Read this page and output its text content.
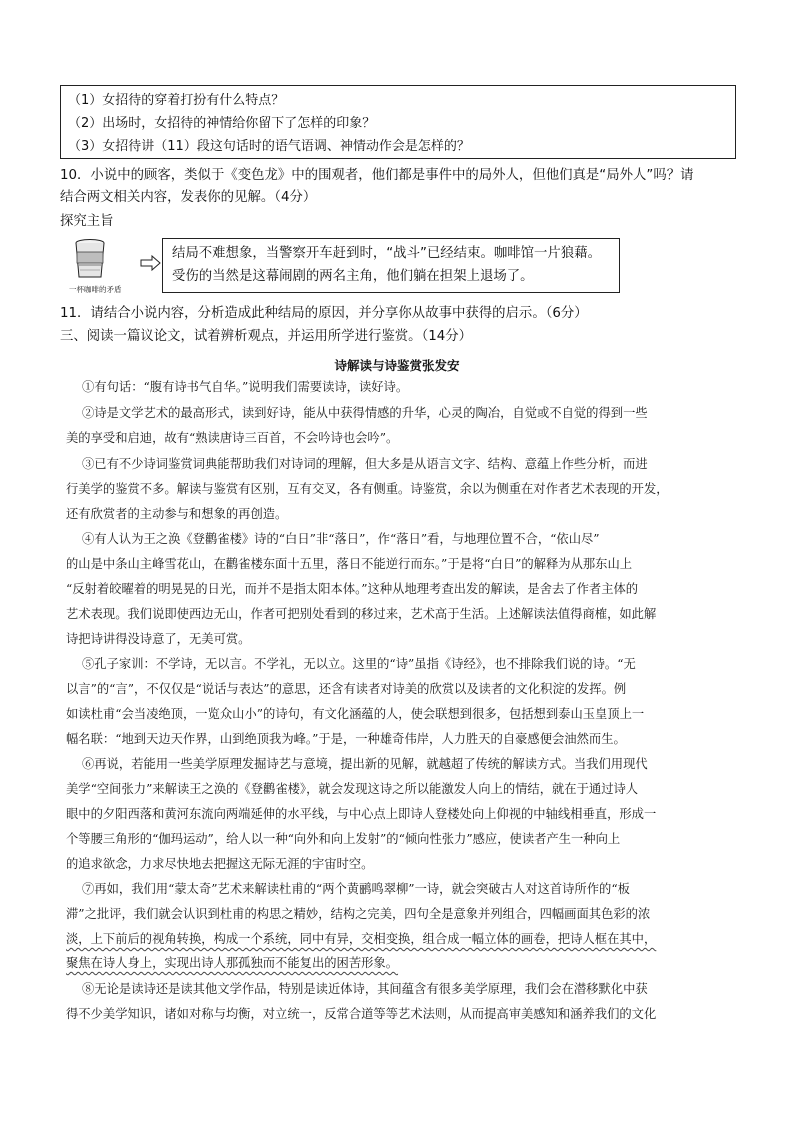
（1）女招待的穿着打扮有什么特点？
（2）出场时，女招待的神情给你留下了怎样的印象？
（3）女招待讲（11）段这句话时的语气语调、神情动作会是怎样的？
10．小说中的顾客，类似于《变色龙》中的围观者，他们都是事件中的局外人，但他们真是“局外人”吗？请
结合两文相关内容，发表你的见解。（4分）
探究主旨
一杯咖啡的矛盾
结局不难想象，当警察开车赶到时，“战斗”已经结束。咖啡馆一片狼藉。
受伤的当然是这幕闹剧的两名主角，他们躺在担架上退场了。
11．请结合小说内容，分析造成此种结局的原因，并分享你从故事中获得的启示。（6分）
三、阅读一篇议论文，试着辨析观点，并运用所学进行鉴赏。（14分）
诗解读与诗鉴赏张发安
①有句话：“腹有诗书气自华。”说明我们需要读诗，读好诗。
②诗是文学艺术的最高形式，读到好诗，能从中获得情感的升华，心灵的陶冶，自觉或不自觉的得到一些
美的享受和启迪，故有“熟读唐诗三百首，不会吟诗也会吟”。
③已有不少诗词鉴赏词典能帮助我们对诗词的理解，但大多是从语言文字、结构、意蕴上作些分析，而进
行美学的鉴赏不多。解读与鉴赏有区别，互有交叉，各有侧重。诗鉴赏，余以为侧重在对作者艺术表现的开发，
还有欣赏者的主动参与和想象的再创造。
④有人认为王之涣《登鹳雀楼》诗的“白日”非“落日”，作“落日”看，与地理位置不合，“依山尽”
的山是中条山主峰雪花山，在鹳雀楼东面十五里，落日不能逆行而东。”于是将“白日”的解释为从那东山上
“反射着皎曜着的明晃晃的日光，而并不是指太阳本体。”这种从地理考查出发的解读，是舍去了作者主体的
艺术表现。我们说即使西边无山，作者可把别处看到的移过来，艺术高于生活。上述解读法值得商榷，如此解
诗把诗讲得没诗意了，无美可赏。
⑤孔子家训：不学诗，无以言。不学礼，无以立。这里的“诗”虽指《诗经》，也不排除我们说的诗。“无
以言”的“言”，不仅仅是“说话与表达”的意思，还含有读者对诗美的欣赏以及读者的文化积淀的发挥。例
如读杜甫“会当凌绝顶，一览众山小”的诗句，有文化涵蕴的人，使会联想到很多，包括想到泰山玉皇顶上一
幅名联：“地到天边天作界，山到绝顶我为峰。”于是，一种雄奇伟岸，人力胜天的自豪感便会油然而生。
⑥再说，若能用一些美学原理发掘诗艺与意境，提出新的见解，就越超了传统的解读方式。当我们用现代
美学“空间张力”来解读王之涣的《登鹳雀楼》，就会发现这诗之所以能激发人向上的情结，就在于通过诗人
眼中的夕阳西落和黄河东流向两端延伸的水平线，与中心点上即诗人登楼处向上仰视的中轴线相垂直，形成一
个等腰三角形的“伽玛运动”，给人以一种“向外和向上发射”的“倾向性张力”感应，使读者产生一种向上
的追求欲念，力求尽快地去把握这无际无涯的宇宙时空。
⑦再如，我们用“蒙太奇”艺术来解读杜甫的“两个黄鹂鸣翠柳”一诗，就会突破古人对这首诗所作的“板
滞”之批评，我们就会认识到杜甫的构思之精妙，结构之完美，四句全是意象并列组合，四幅画面其色彩的浓
淡，上下前后的视角转换，构成一个系统，同中有异，交相变换，组合成一幅立体的画卷，把诗人框在其中，
聚焦在诗人身上，实现出诗人那孤独而不能复出的困苦形象。
⑧无论是读诗还是读其他文学作品，特别是读近体诗，其间蕴含有很多美学原理，我们会在潜移默化中获
得不少美学知识，诸如对称与均衡，对立统一，反常合道等等艺术法则，从而提高审美感知和涵养我们的文化
